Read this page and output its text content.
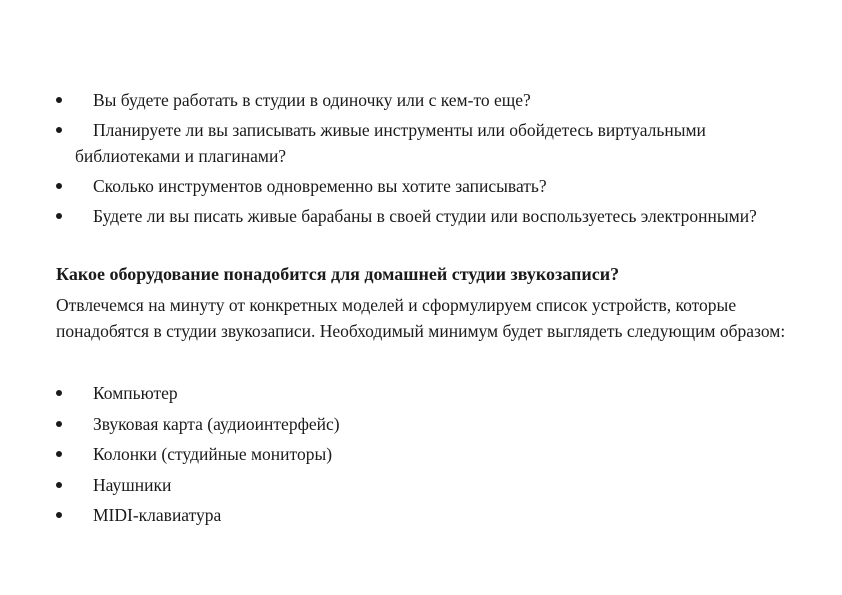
Вы будете работать в студии в одиночку или с кем-то еще?
Планируете ли вы записывать живые инструменты или обойдетесь виртуальными библиотеками и плагинами?
Сколько инструментов одновременно вы хотите записывать?
Будете ли вы писать живые барабаны в своей студии или воспользуетесь электронными?
Какое оборудование понадобится для домашней студии звукозаписи?

Отвлечемся на минуту от конкретных моделей и сформулируем список устройств, которые понадобятся в студии звукозаписи. Необходимый минимум будет выглядеть следующим образом:

Компьютер
Звуковая карта (аудиоинтерфейс)
Колонки (студийные мониторы)
Наушники
MIDI-клавиатура
